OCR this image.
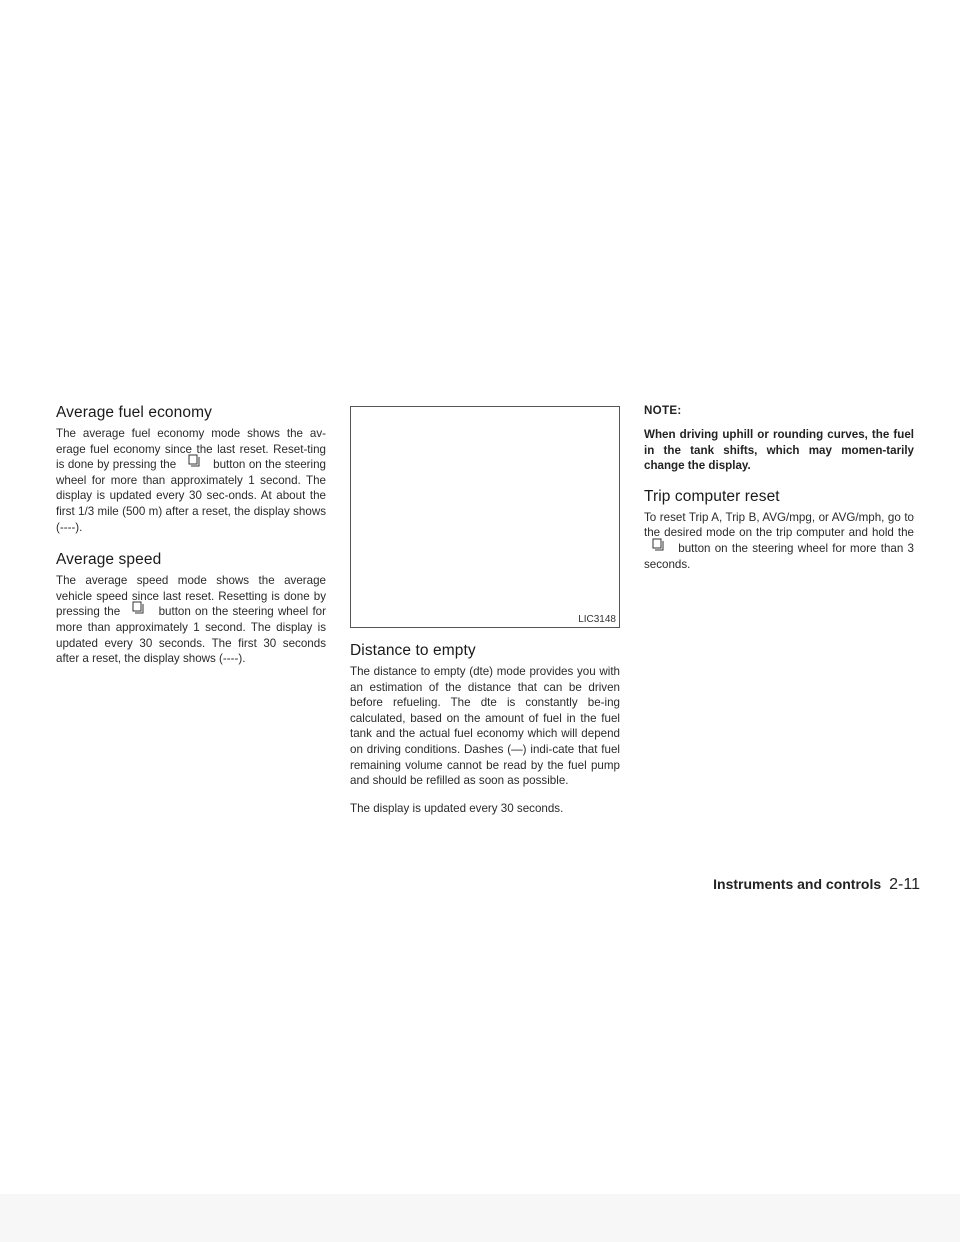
Average fuel economy

The average fuel economy mode shows the av-erage fuel economy since the last reset. Reset-ting is done by pressing the	button on the steering wheel for more than approximately 1 second. The display is updated every 30 sec-onds. At about the first 1/3 mile (500 m) after a reset, the display shows (----).

Average speed

The average speed mode shows the average vehicle speed since last reset. Resetting is done by pressing the	button on the steering wheel for more than approximately 1 second. The display is updated every 30 seconds. The first 30 seconds after a reset, the display shows (----).

LIC3148
Distance to empty

The distance to empty (dte) mode provides you with an estimation of the distance that can be driven before refueling. The dte is constantly be-ing calculated, based on the amount of fuel in the fuel tank and the actual fuel economy which will depend on driving conditions. Dashes (—) indi-cate that fuel remaining volume cannot be read by the fuel pump and should be refilled as soon as possible.

The display is updated every 30 seconds.

NOTE:
When driving uphill or rounding curves, the fuel in the tank shifts, which may momen-tarily change the display.
Trip computer reset

To reset Trip A, Trip B, AVG/mpg, or AVG/mph, go to the desired mode on the trip computer and hold the
button on the steering wheel for more than 3 seconds.

Instruments and controls 2-11
